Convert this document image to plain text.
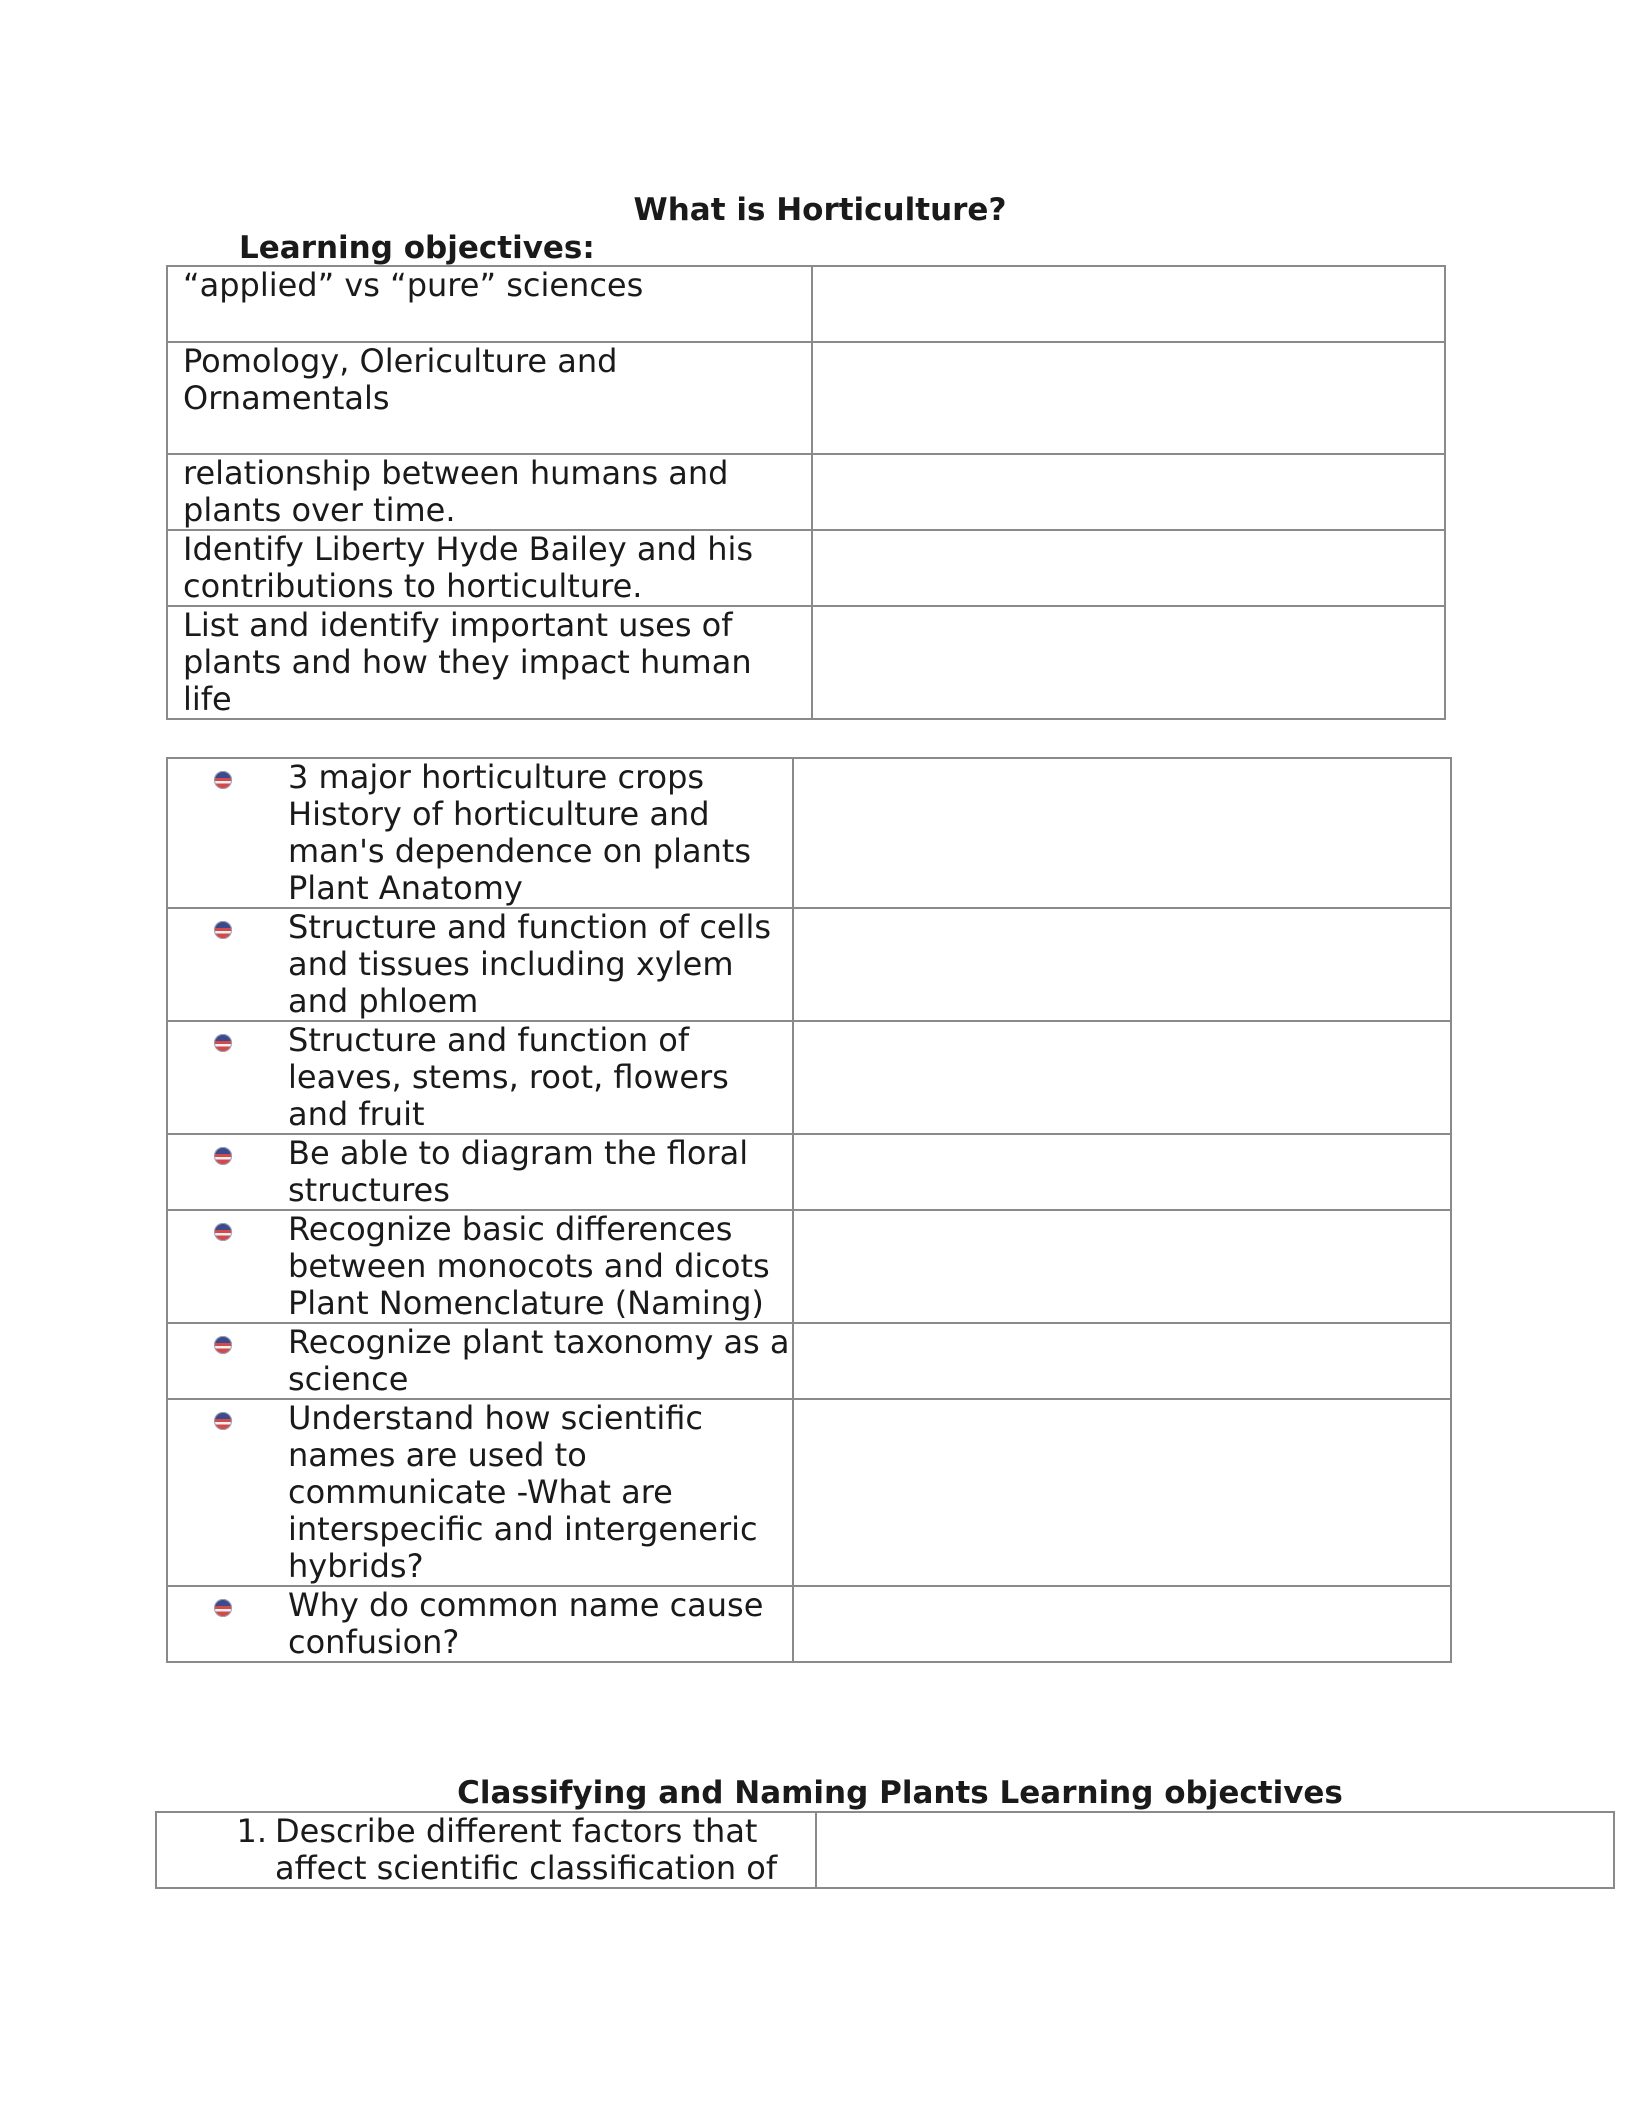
What is Horticulture?
Learning objectives:
“applied” vs “pure” sciences	
Pomology, Olericulture and Ornamentals	
relationship between humans and plants over time.	
Identify Liberty Hyde Bailey and his contributions to horticulture.	
List and identify important uses of plants and how they impact human life	
3 major horticulture crops History of horticulture and man's dependence on plants Plant Anatomy	

Structure and function of cells and tissues including xylem and phloem	

Structure and function of leaves, stems, root, flowers and fruit	

Be able to diagram the floral structures	

Recognize basic differences between monocots and dicots Plant Nomenclature (Naming)	

Recognize plant taxonomy as a science	

Understand how scientific names are used to communicate -What are interspecific and intergeneric hybrids?	

Why do common name cause confusion?	

Classifying and Naming Plants Learning objectives
1. Describe different factors that affect scientific classification of
